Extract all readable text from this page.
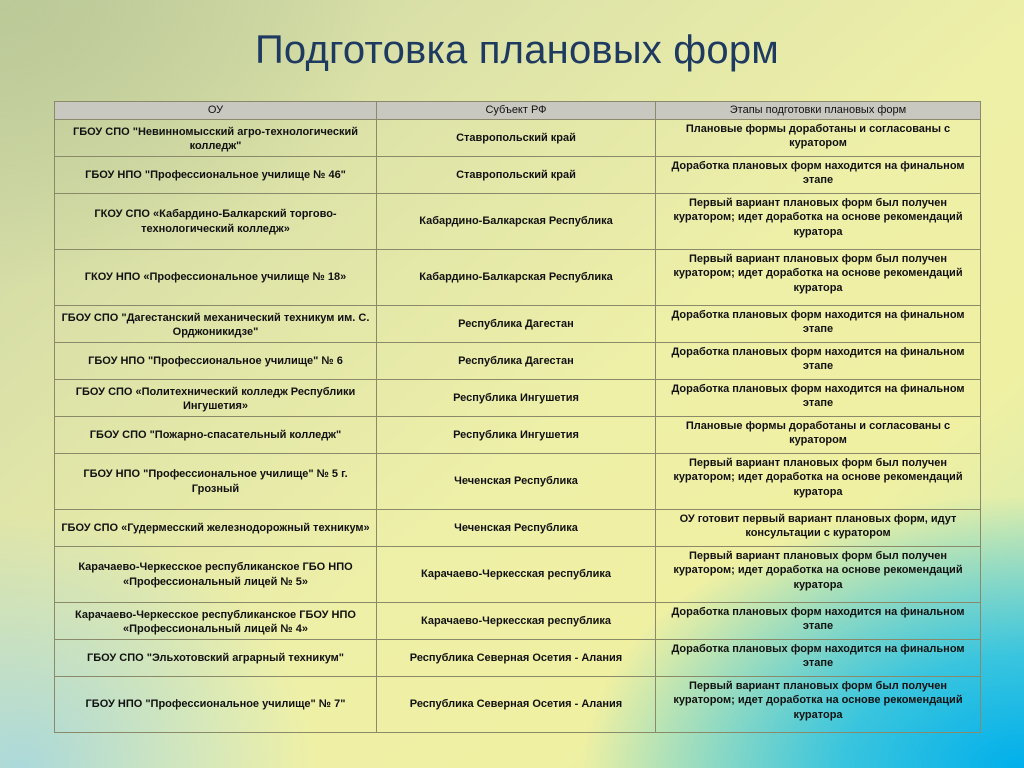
Подготовка плановых форм
ОУ	Субъект РФ	Этапы подготовки плановых форм
ГБОУ СПО "Невинномысский агро-технологический колледж"	Ставропольский край	Плановые формы доработаны и согласованы с куратором
ГБОУ НПО "Профессиональное училище № 46"	Ставропольский край	Доработка плановых форм находится на финальном этапе
ГКОУ СПО «Кабардино-Балкарский торгово-технологический колледж»	Кабардино-Балкарская Республика	Первый вариант плановых форм был получен куратором; идет доработка на основе рекомендаций куратора
ГКОУ НПО «Профессиональное училище № 18»	Кабардино-Балкарская Республика	Первый вариант плановых форм был получен куратором; идет доработка на основе рекомендаций куратора
ГБОУ СПО "Дагестанский механический техникум им. С. Орджоникидзе"	Республика Дагестан	Доработка плановых форм находится на финальном этапе
ГБОУ НПО "Профессиональное училище" № 6	Республика Дагестан	Доработка плановых форм находится на финальном этапе
ГБОУ СПО «Политехнический колледж Республики Ингушетия»	Республика Ингушетия	Доработка плановых форм находится на финальном этапе
ГБОУ СПО "Пожарно-спасательный колледж"	Республика Ингушетия	Плановые формы доработаны и согласованы с куратором
ГБОУ НПО "Профессиональное училище" № 5 г. Грозный	Чеченская Республика	Первый вариант плановых форм был получен куратором; идет доработка на основе рекомендаций куратора
ГБОУ СПО «Гудермесский железнодорожный техникум»	Чеченская Республика	ОУ готовит первый вариант плановых форм, идут консультации с куратором
Карачаево-Черкесское республиканское ГБО НПО «Профессиональный лицей № 5»	Карачаево-Черкесская республика	Первый вариант плановых форм был получен куратором; идет доработка на основе рекомендаций куратора
Карачаево-Черкесское республиканское ГБОУ НПО «Профессиональный лицей № 4»	Карачаево-Черкесская республика	Доработка плановых форм находится на финальном этапе
ГБОУ СПО "Эльхотовский аграрный техникум"	Республика Северная Осетия - Алания	Доработка плановых форм находится на финальном этапе
ГБОУ НПО "Профессиональное училище" № 7"	Республика Северная Осетия - Алания	Первый вариант плановых форм был получен куратором; идет доработка на основе рекомендаций куратора
